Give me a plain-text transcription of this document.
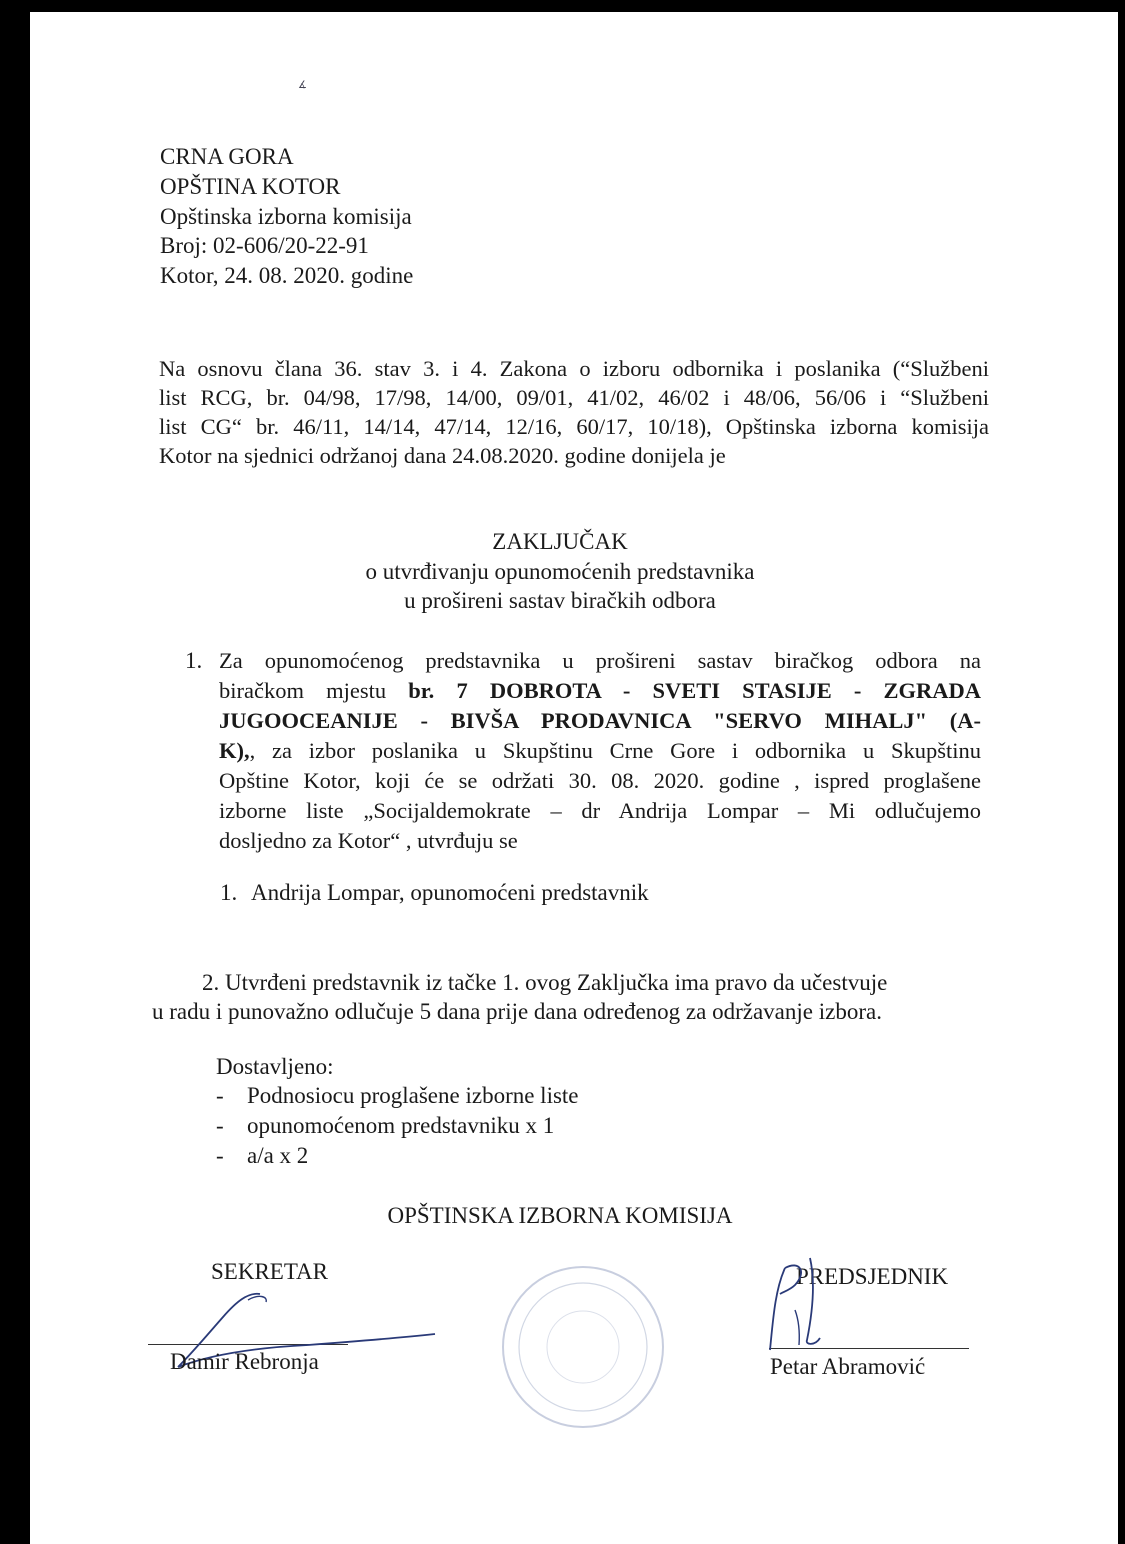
∡
CRNA GORA
OPŠTINA KOTOR
Opštinska izborna komisija
Broj: 02-606/20-22-91
Kotor, 24. 08. 2020. godine
Na osnovu člana 36. stav 3. i 4. Zakona o izboru odbornika i poslanika (“Službeni
list RCG, br. 04/98, 17/98, 14/00, 09/01, 41/02, 46/02 i 48/06, 56/06 i “Službeni
list CG“ br. 46/11, 14/14, 47/14, 12/16, 60/17, 10/18), Opštinska izborna komisija
Kotor na sjednici održanoj dana 24.08.2020. godine donijela je
ZAKLJUČAK
o utvrđivanju opunomoćenih predstavnika
u prošireni sastav biračkih odbora
1. Za opunomoćenog predstavnika u prošireni sastav biračkog odbora na
biračkom mjestu br. 7 DOBROTA - SVETI STASIJE - ZGRADA
JUGOOCEANIJE - BIVŠA PRODAVNICA "SERVO MIHALJ" (A-
K),, za izbor poslanika u Skupštinu Crne Gore i odbornika u Skupštinu
Opštine Kotor, koji će se održati 30. 08. 2020. godine , ispred proglašene
izborne liste „Socijaldemokrate – dr Andrija Lompar – Mi odlučujemo
dosljedno za Kotor“ , utvrđuju se
1. Andrija Lompar, opunomoćeni predstavnik
2. Utvrđeni predstavnik iz tačke 1. ovog Zaključka ima pravo da učestvuje
u radu i punovažno odlučuje 5 dana prije dana određenog za održavanje izbora.
Dostavljeno:
- Podnosiocu proglašene izborne liste
- opunomoćenom predstavniku x 1
- a/a x 2
OPŠTINSKA IZBORNA KOMISIJA
SEKRETAR	PREDSJEDNIK
Damir Rebronja	Petar Abramović
